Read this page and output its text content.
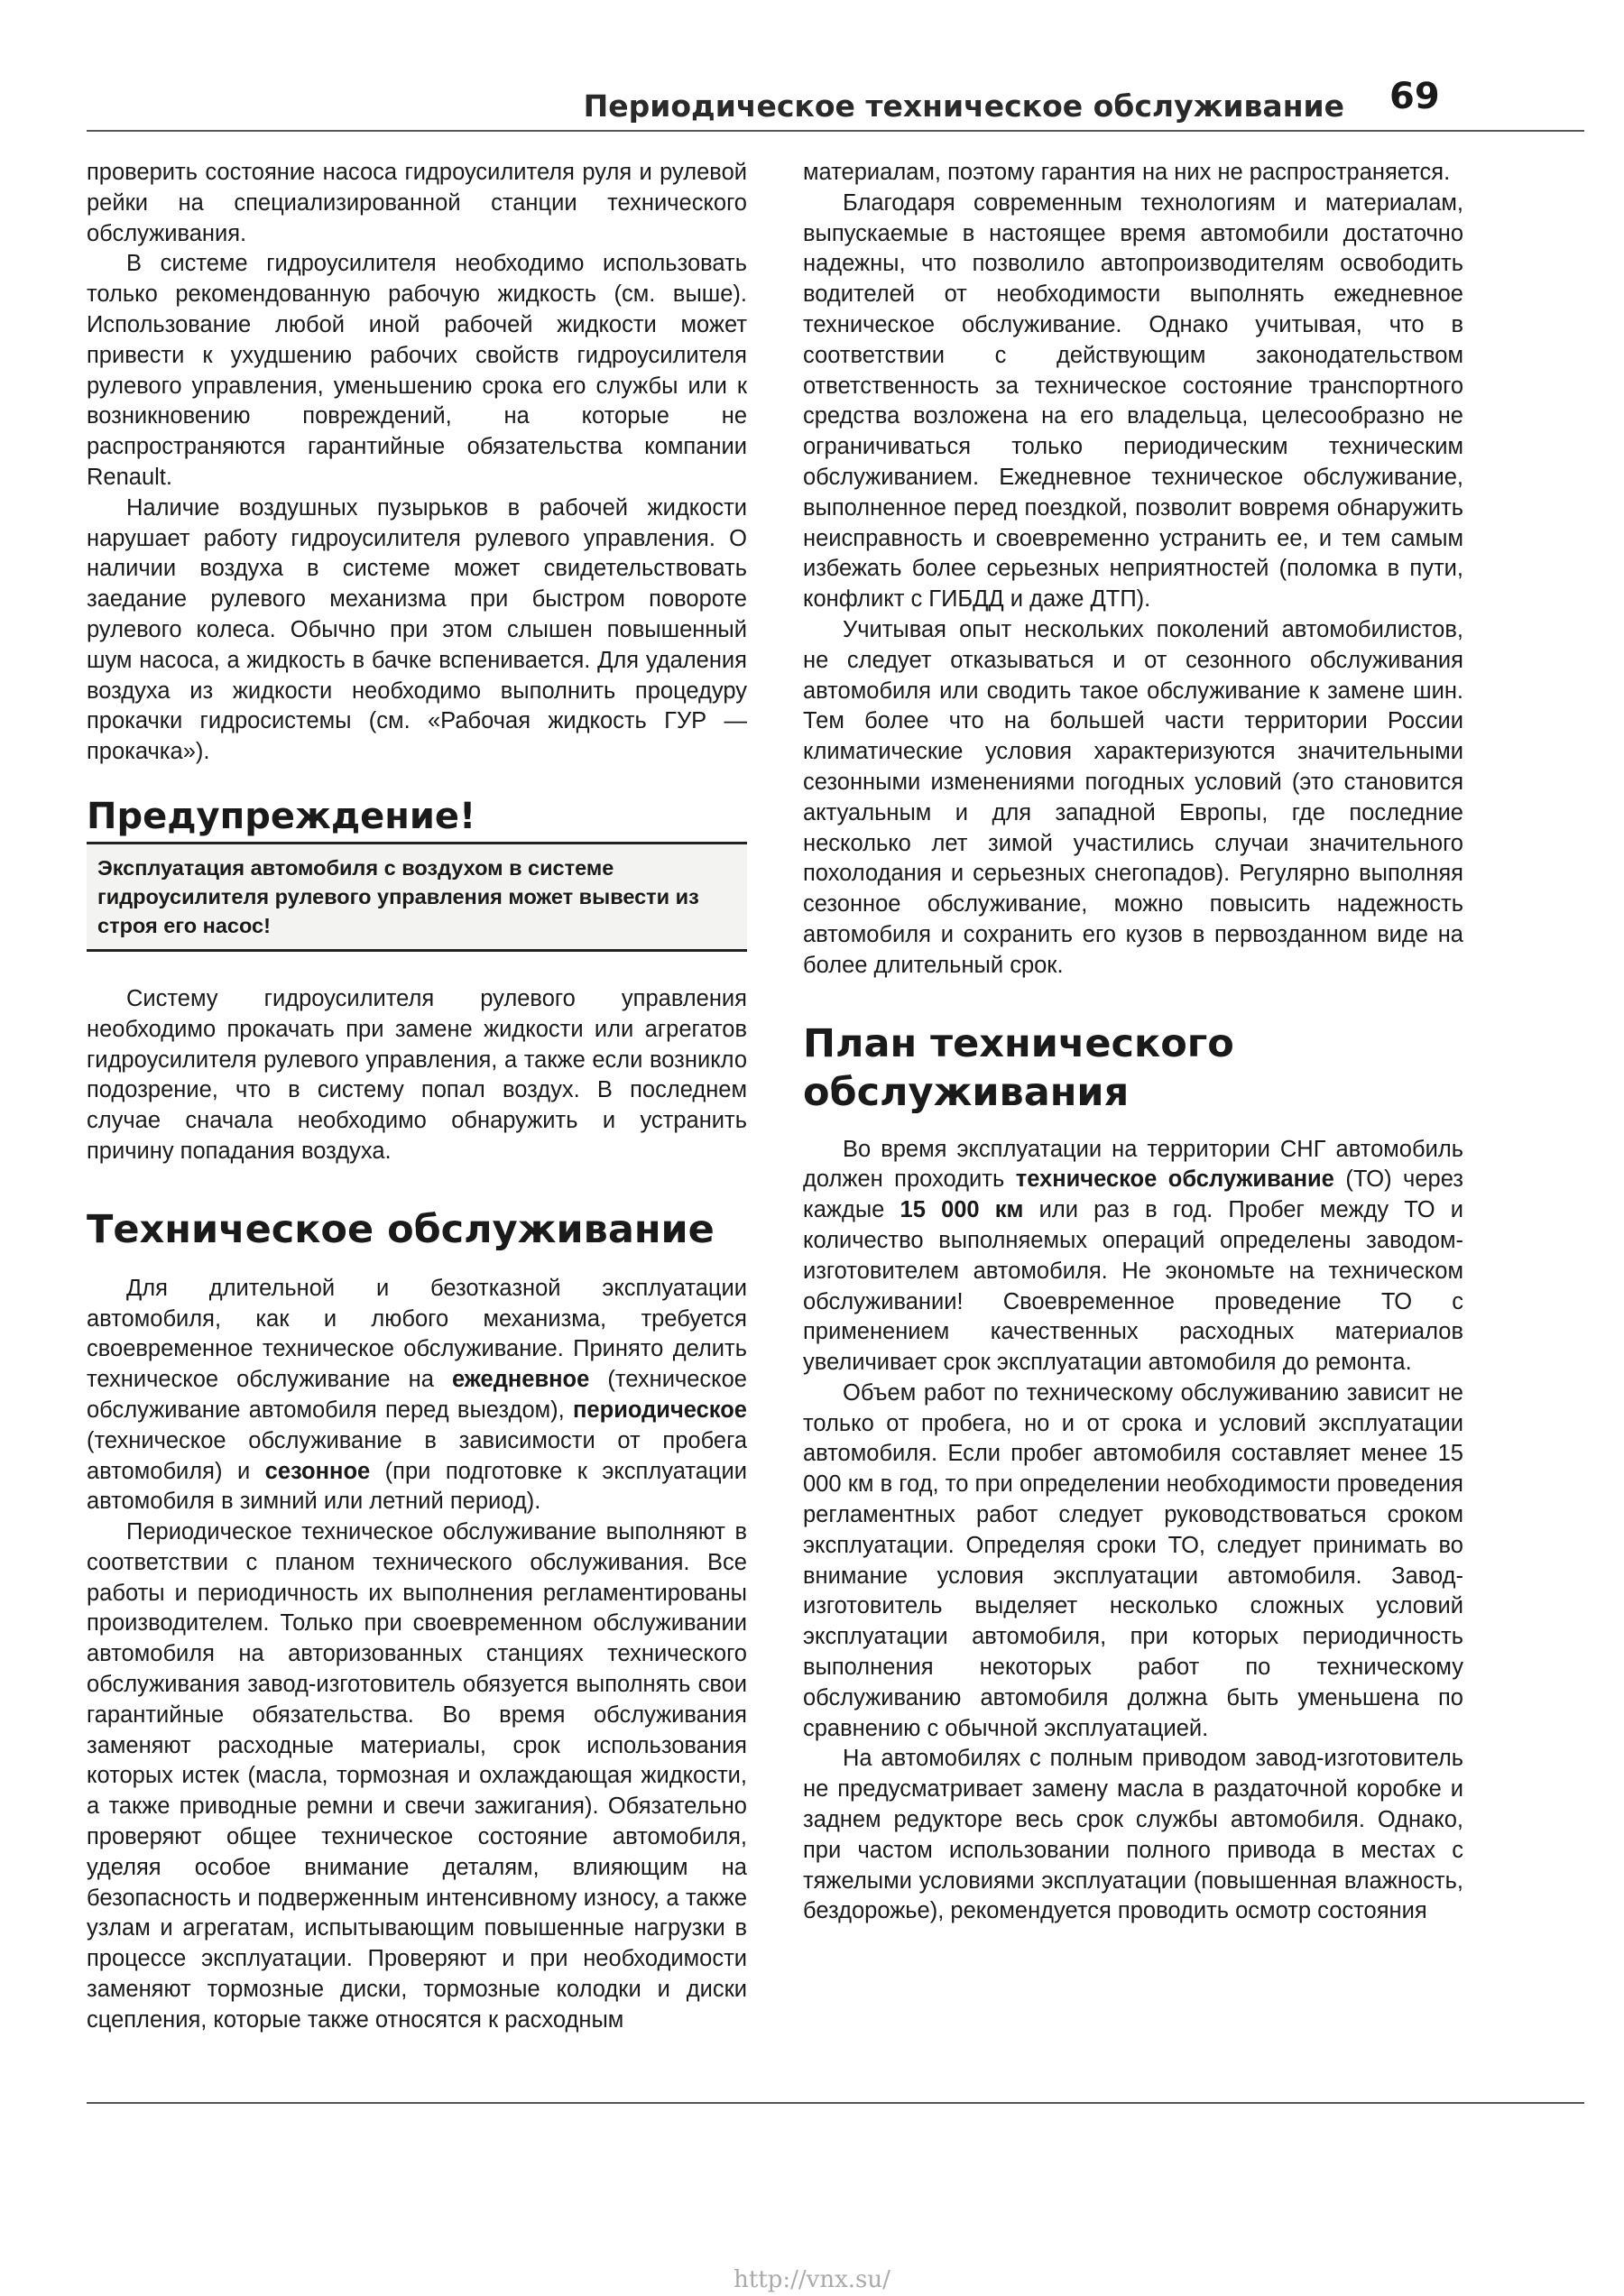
Периодическое техническое обслуживание 69

проверить состояние насоса гидроусилителя руля и рулевой рейки на специализированной станции технического обслуживания.

В системе гидроусилителя необходимо использовать только рекомендованную рабочую жидкость (см. выше). Использование любой иной рабочей жидкости может привести к ухудшению рабочих свойств гидроусилителя рулевого управления, уменьшению срока его службы или к возникновению повреждений, на которые не распространяются гарантийные обязательства компании Renault.

Наличие воздушных пузырьков в рабочей жидкости нарушает работу гидроусилителя рулевого управления. О наличии воздуха в системе может свидетельствовать заедание рулевого механизма при быстром повороте рулевого колеса. Обычно при этом слышен повышенный шум насоса, а жидкость в бачке вспенивается. Для удаления воздуха из жидкости необходимо выполнить процедуру прокачки гидросистемы (см. «Рабочая жидкость ГУР — прокачка»).

Предупреждение!

Эксплуатация автомобиля с воздухом в системе гидроусилителя рулевого управления может вывести из строя его насос!

Систему гидроусилителя рулевого управления необходимо прокачать при замене жидкости или агрегатов гидроусилителя рулевого управления, а также если возникло подозрение, что в систему попал воздух. В последнем случае сначала необходимо обнаружить и устранить причину попадания воздуха.

Техническое обслуживание

Для длительной и безотказной эксплуатации автомобиля, как и любого механизма, требуется своевременное техническое обслуживание. Принято делить техническое обслуживание на ежедневное (техническое обслуживание автомобиля перед выездом), периодическое (техническое обслуживание в зависимости от пробега автомобиля) и сезонное (при подготовке к эксплуатации автомобиля в зимний или летний период).

Периодическое техническое обслуживание выполняют в соответствии с планом технического обслуживания. Все работы и периодичность их выполнения регламентированы производителем. Только при своевременном обслуживании автомобиля на авторизованных станциях технического обслуживания завод-изготовитель обязуется выполнять свои гарантийные обязательства. Во время обслуживания заменяют расходные материалы, срок использования которых истек (масла, тормозная и охлаждающая жидкости, а также приводные ремни и свечи зажигания). Обязательно проверяют общее техническое состояние автомобиля, уделяя особое внимание деталям, влияющим на безопасность и подверженным интенсивному износу, а также узлам и агрегатам, испытывающим повышенные нагрузки в процессе эксплуатации. Проверяют и при необходимости заменяют тормозные диски, тормозные колодки и диски сцепления, которые также относятся к расходным

материалам, поэтому гарантия на них не распространяется.

Благодаря современным технологиям и материалам, выпускаемые в настоящее время автомобили достаточно надежны, что позволило автопроизводителям освободить водителей от необходимости выполнять ежедневное техническое обслуживание. Однако учитывая, что в соответствии с действующим законодательством ответственность за техническое состояние транспортного средства возложена на его владельца, целесообразно не ограничиваться только периодическим техническим обслуживанием. Ежедневное техническое обслуживание, выполненное перед поездкой, позволит вовремя обнаружить неисправность и своевременно устранить ее, и тем самым избежать более серьезных неприятностей (поломка в пути, конфликт с ГИБДД и даже ДТП).

Учитывая опыт нескольких поколений автомобилистов, не следует отказываться и от сезонного обслуживания автомобиля или сводить такое обслуживание к замене шин. Тем более что на большей части территории России климатические условия характеризуются значительными сезонными изменениями погодных условий (это становится актуальным и для западной Европы, где последние несколько лет зимой участились случаи значительного похолодания и серьезных снегопадов). Регулярно выполняя сезонное обслуживание, можно повысить надежность автомобиля и сохранить его кузов в первозданном виде на более длительный срок.

План технического обслуживания

Во время эксплуатации на территории СНГ автомобиль должен проходить техническое обслуживание (ТО) через каждые 15 000 км или раз в год. Пробег между ТО и количество выполняемых операций определены заводом-изготовителем автомобиля. Не экономьте на техническом обслуживании! Своевременное проведение ТО с применением качественных расходных материалов увеличивает срок эксплуатации автомобиля до ремонта.

Объем работ по техническому обслуживанию зависит не только от пробега, но и от срока и условий эксплуатации автомобиля. Если пробег автомобиля составляет менее 15 000 км в год, то при определении необходимости проведения регламентных работ следует руководствоваться сроком эксплуатации. Определяя сроки ТО, следует принимать во внимание условия эксплуатации автомобиля. Завод-изготовитель выделяет несколько сложных условий эксплуатации автомобиля, при которых периодичность выполнения некоторых работ по техническому обслуживанию автомобиля должна быть уменьшена по сравнению с обычной эксплуатацией.

На автомобилях с полным приводом завод-изготовитель не предусматривает замену масла в раздаточной коробке и заднем редукторе весь срок службы автомобиля. Однако, при частом использовании полного привода в местах с тяжелыми условиями эксплуатации (повышенная влажность, бездорожье), рекомендуется проводить осмотр состояния

http://vnx.su/
